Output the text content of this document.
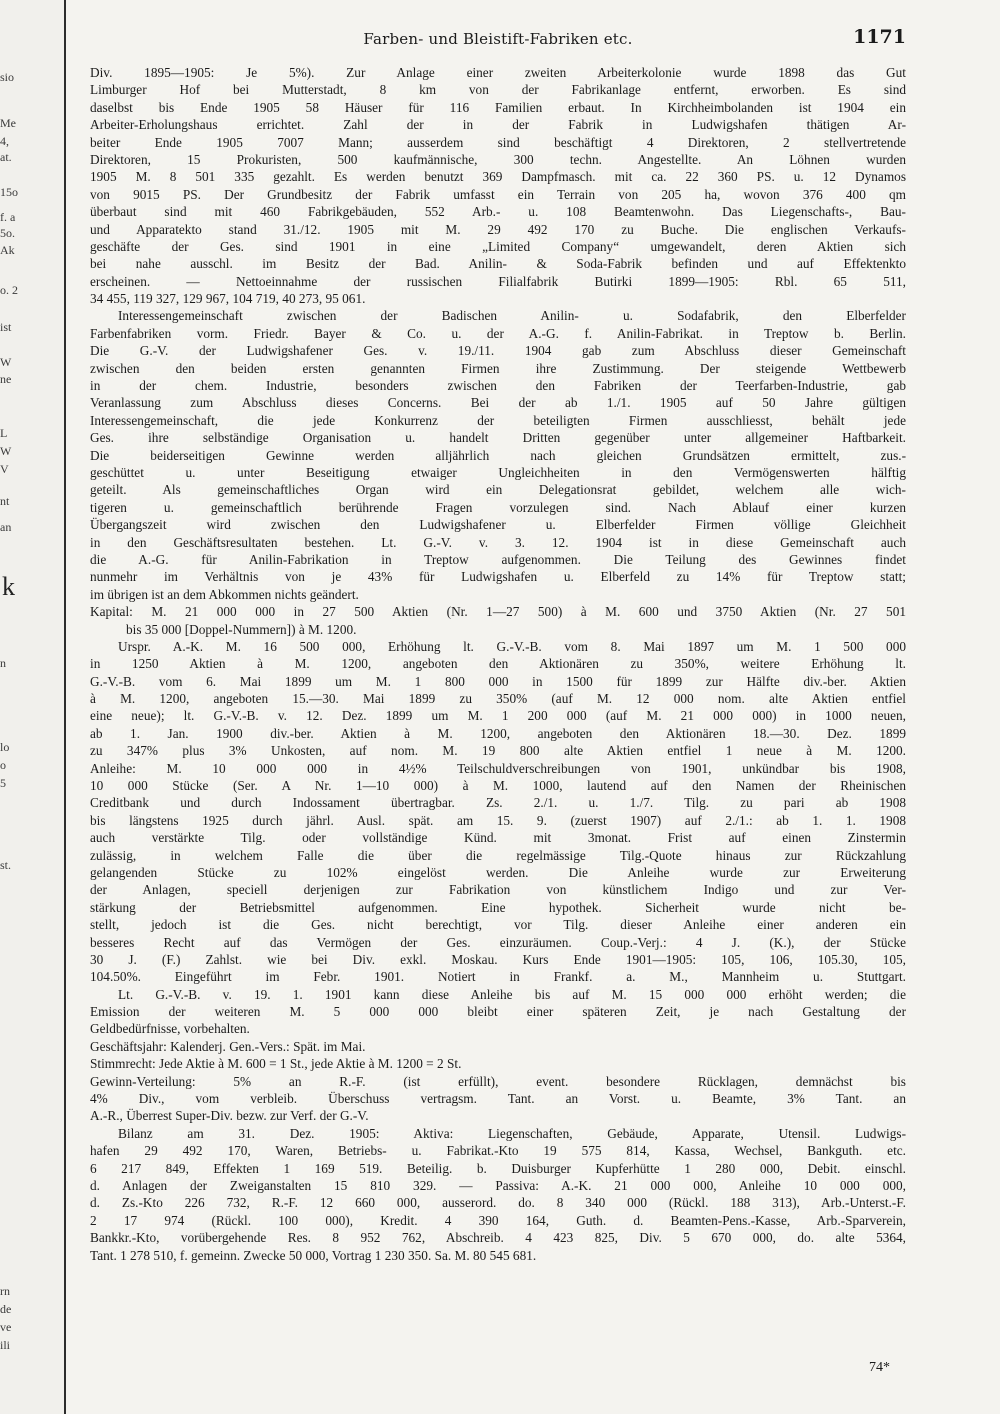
sio
Me
4,
at.
15o
f. a
5o.
Ak
o. 2
ist
W
ne
L
W
V
nt
an
k
n
lo
o
5
st.
rn
de
ve
ili
Farben- und Bleistift-Fabriken etc.	1171
Div. 1895—1905: Je 5%). Zur Anlage einer zweiten Arbeiterkolonie wurde 1898 das Gut
Limburger Hof bei Mutterstadt, 8 km von der Fabrikanlage entfernt, erworben. Es sind
daselbst bis Ende 1905 58 Häuser für 116 Familien erbaut. In Kirchheimbolanden ist 1904 ein
Arbeiter-Erholungshaus errichtet. Zahl der in der Fabrik in Ludwigshafen thätigen Ar-
beiter Ende 1905 7007 Mann; ausserdem sind beschäftigt 4 Direktoren, 2 stellvertretende
Direktoren, 15 Prokuristen, 500 kaufmännische, 300 techn. Angestellte. An Löhnen wurden
1905 M. 8 501 335 gezahlt. Es werden benutzt 369 Dampfmasch. mit ca. 22 360 PS. u. 12 Dynamos
von 9015 PS. Der Grundbesitz der Fabrik umfasst ein Terrain von 205 ha, wovon 376 400 qm
überbaut sind mit 460 Fabrikgebäuden, 552 Arb.- u. 108 Beamtenwohn. Das Liegenschafts-, Bau-
und Apparatekto stand 31./12. 1905 mit M. 29 492 170 zu Buche. Die englischen Verkaufs-
geschäfte der Ges. sind 1901 in eine „Limited Company“ umgewandelt, deren Aktien sich
bei nahe ausschl. im Besitz der Bad. Anilin- & Soda-Fabrik befinden und auf Effektenkto
erscheinen. — Nettoeinnahme der russischen Filialfabrik Butirki 1899—1905: Rbl. 65 511,
34 455, 119 327, 129 967, 104 719, 40 273, 95 061.
Interessengemeinschaft zwischen der Badischen Anilin- u. Sodafabrik, den Elberfelder
Farbenfabriken vorm. Friedr. Bayer & Co. u. der A.-G. f. Anilin-Fabrikat. in Treptow b. Berlin.
Die G.-V. der Ludwigshafener Ges. v. 19./11. 1904 gab zum Abschluss dieser Gemeinschaft
zwischen den beiden ersten genannten Firmen ihre Zustimmung. Der steigende Wettbewerb
in der chem. Industrie, besonders zwischen den Fabriken der Teerfarben-Industrie, gab
Veranlassung zum Abschluss dieses Concerns. Bei der ab 1./1. 1905 auf 50 Jahre gültigen
Interessengemeinschaft, die jede Konkurrenz der beteiligten Firmen ausschliesst, behält jede
Ges. ihre selbständige Organisation u. handelt Dritten gegenüber unter allgemeiner Haftbarkeit.
Die beiderseitigen Gewinne werden alljährlich nach gleichen Grundsätzen ermittelt, zus.-
geschüttet u. unter Beseitigung etwaiger Ungleichheiten in den Vermögenswerten hälftig
geteilt. Als gemeinschaftliches Organ wird ein Delegationsrat gebildet, welchem alle wich-
tigeren u. gemeinschaftlich berührende Fragen vorzulegen sind. Nach Ablauf einer kurzen
Übergangszeit wird zwischen den Ludwigshafener u. Elberfelder Firmen völlige Gleichheit
in den Geschäftsresultaten bestehen. Lt. G.-V. v. 3. 12. 1904 ist in diese Gemeinschaft auch
die A.-G. für Anilin-Fabrikation in Treptow aufgenommen. Die Teilung des Gewinnes findet
nunmehr im Verhältnis von je 43% für Ludwigshafen u. Elberfeld zu 14% für Treptow statt;
im übrigen ist an dem Abkommen nichts geändert.
Kapital: M. 21 000 000 in 27 500 Aktien (Nr. 1—27 500) à M. 600 und 3750 Aktien (Nr. 27 501
bis 35 000 [Doppel-Nummern]) à M. 1200.
Urspr. A.-K. M. 16 500 000, Erhöhung lt. G.-V.-B. vom 8. Mai 1897 um M. 1 500 000
in 1250 Aktien à M. 1200, angeboten den Aktionären zu 350%, weitere Erhöhung lt.
G.-V.-B. vom 6. Mai 1899 um M. 1 800 000 in 1500 für 1899 zur Hälfte div.-ber. Aktien
à M. 1200, angeboten 15.—30. Mai 1899 zu 350% (auf M. 12 000 nom. alte Aktien entfiel
eine neue); lt. G.-V.-B. v. 12. Dez. 1899 um M. 1 200 000 (auf M. 21 000 000) in 1000 neuen,
ab 1. Jan. 1900 div.-ber. Aktien à M. 1200, angeboten den Aktionären 18.—30. Dez. 1899
zu 347% plus 3% Unkosten, auf nom. M. 19 800 alte Aktien entfiel 1 neue à M. 1200.
Anleihe: M. 10 000 000 in 4½% Teilschuldverschreibungen von 1901, unkündbar bis 1908,
10 000 Stücke (Ser. A Nr. 1—10 000) à M. 1000, lautend auf den Namen der Rheinischen
Creditbank und durch Indossament übertragbar. Zs. 2./1. u. 1./7. Tilg. zu pari ab 1908
bis längstens 1925 durch jährl. Ausl. spät. am 15. 9. (zuerst 1907) auf 2./1.: ab 1. 1. 1908
auch verstärkte Tilg. oder vollständige Künd. mit 3monat. Frist auf einen Zinstermin
zulässig, in welchem Falle die über die regelmässige Tilg.-Quote hinaus zur Rückzahlung
gelangenden Stücke zu 102% eingelöst werden. Die Anleihe wurde zur Erweiterung
der Anlagen, speciell derjenigen zur Fabrikation von künstlichem Indigo und zur Ver-
stärkung der Betriebsmittel aufgenommen. Eine hypothek. Sicherheit wurde nicht be-
stellt, jedoch ist die Ges. nicht berechtigt, vor Tilg. dieser Anleihe einer anderen ein
besseres Recht auf das Vermögen der Ges. einzuräumen. Coup.-Verj.: 4 J. (K.), der Stücke
30 J. (F.) Zahlst. wie bei Div. exkl. Moskau. Kurs Ende 1901—1905: 105, 106, 105.30, 105,
104.50%. Eingeführt im Febr. 1901. Notiert in Frankf. a. M., Mannheim u. Stuttgart.
Lt. G.-V.-B. v. 19. 1. 1901 kann diese Anleihe bis auf M. 15 000 000 erhöht werden; die
Emission der weiteren M. 5 000 000 bleibt einer späteren Zeit, je nach Gestaltung der
Geldbedürfnisse, vorbehalten.
Geschäftsjahr: Kalenderj. Gen.-Vers.: Spät. im Mai.
Stimmrecht: Jede Aktie à M. 600 = 1 St., jede Aktie à M. 1200 = 2 St.
Gewinn-Verteilung: 5% an R.-F. (ist erfüllt), event. besondere Rücklagen, demnächst bis
4% Div., vom verbleib. Überschuss vertragsm. Tant. an Vorst. u. Beamte, 3% Tant. an
A.-R., Überrest Super-Div. bezw. zur Verf. der G.-V.
Bilanz am 31. Dez. 1905: Aktiva: Liegenschaften, Gebäude, Apparate, Utensil. Ludwigs-
hafen 29 492 170, Waren, Betriebs- u. Fabrikat.-Kto 19 575 814, Kassa, Wechsel, Bankguth. etc.
6 217 849, Effekten 1 169 519. Beteilig. b. Duisburger Kupferhütte 1 280 000, Debit. einschl.
d. Anlagen der Zweiganstalten 15 810 329. — Passiva: A.-K. 21 000 000, Anleihe 10 000 000,
d. Zs.-Kto 226 732, R.-F. 12 660 000, ausserord. do. 8 340 000 (Rückl. 188 313), Arb.-Unterst.-F.
2 17 974 (Rückl. 100 000), Kredit. 4 390 164, Guth. d. Beamten-Pens.-Kasse, Arb.-Sparverein,
Bankkr.-Kto, vorübergehende Res. 8 952 762, Abschreib. 4 423 825, Div. 5 670 000, do. alte 5364,
Tant. 1 278 510, f. gemeinn. Zwecke 50 000, Vortrag 1 230 350. Sa. M. 80 545 681.
74*
